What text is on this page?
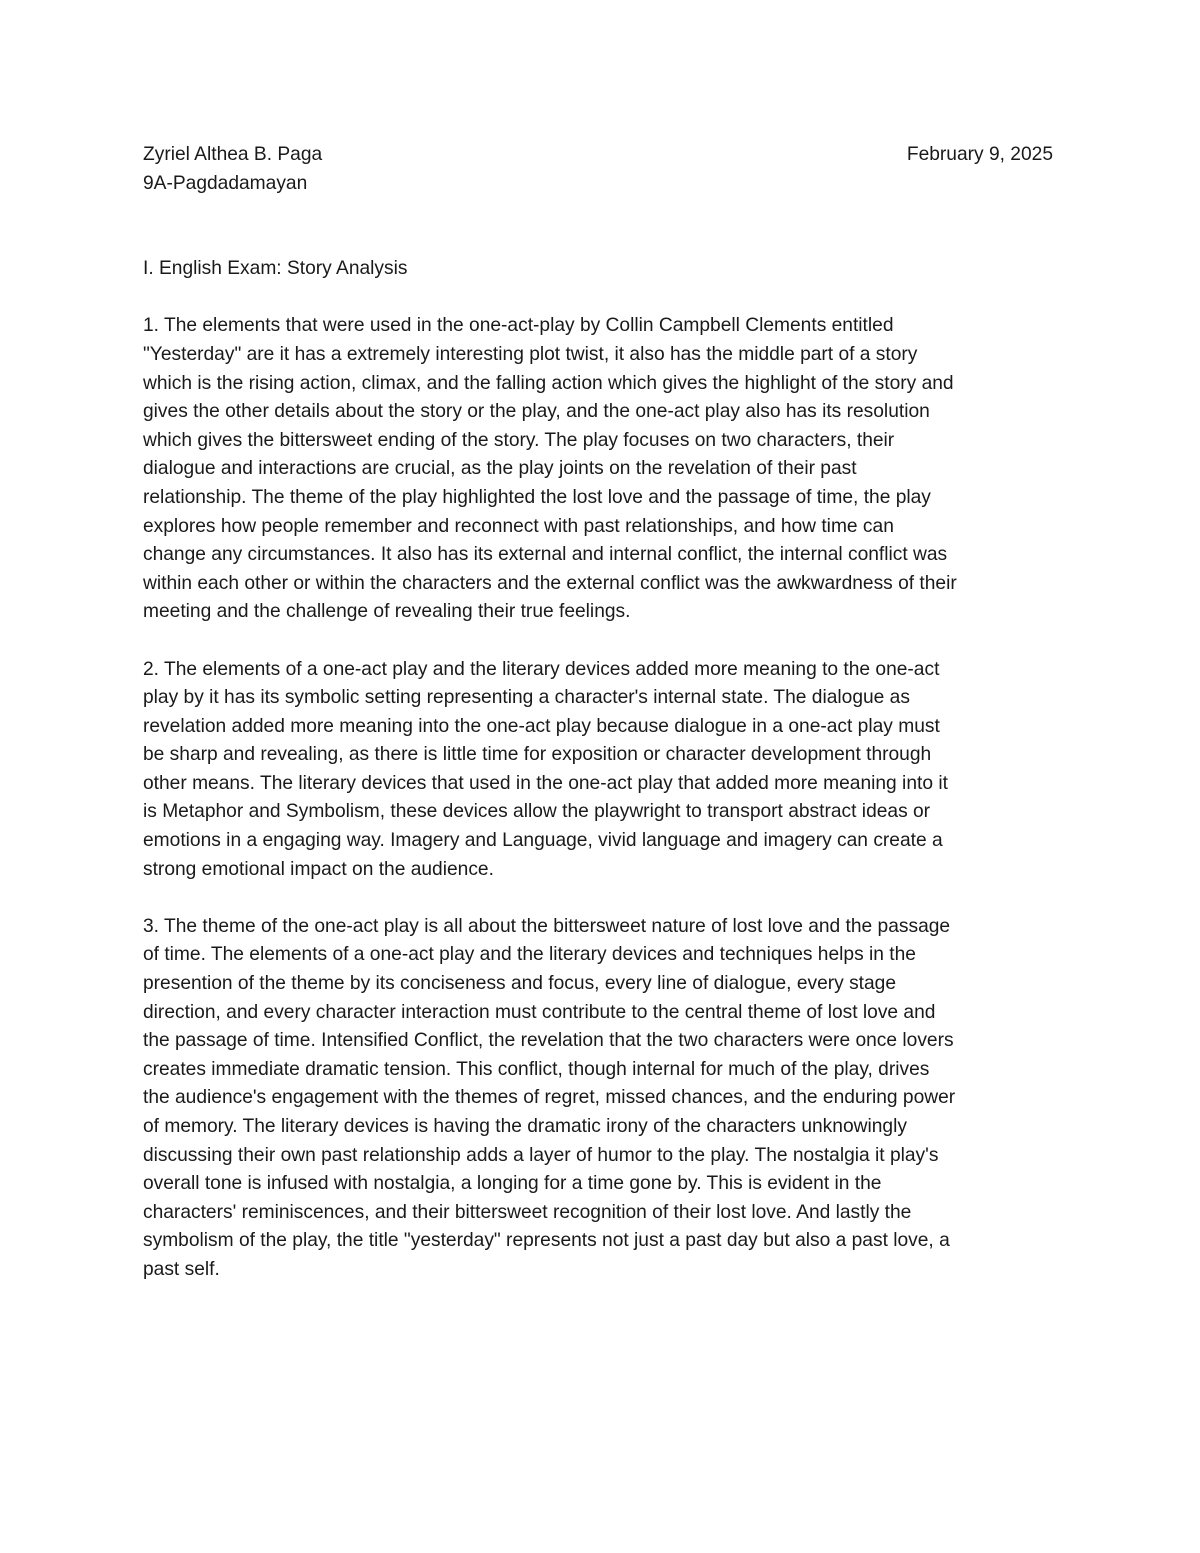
Zyriel Althea B. Paga	February 9, 2025

9A-Pagdadamayan

I. English Exam: Story Analysis

1. The elements that were used in the one-act-play by Collin Campbell Clements entitled

"Yesterday" are it has a extremely interesting plot twist, it also has the middle part of a story

which is the rising action, climax, and the falling action which gives the highlight of the story and

gives the other details about the story or the play, and the one-act play also has its resolution

which gives the bittersweet ending of the story. The play focuses on two characters, their

dialogue and interactions are crucial, as the play joints on the revelation of their past

relationship. The theme of the play highlighted the lost love and the passage of time, the play

explores how people remember and reconnect with past relationships, and how time can

change any circumstances. It also has its external and internal conflict, the internal conflict was

within each other or within the characters and the external conflict was the awkwardness of their

meeting and the challenge of revealing their true feelings.

2. The elements of a one-act play and the literary devices added more meaning to the one-act

play by it has its symbolic setting representing a character's internal state. The dialogue as

revelation added more meaning into the one-act play because dialogue in a one-act play must

be sharp and revealing, as there is little time for exposition or character development through

other means. The literary devices that used in the one-act play that added more meaning into it

is Metaphor and Symbolism, these devices allow the playwright to transport abstract ideas or

emotions in a engaging way. Imagery and Language, vivid language and imagery can create a

strong emotional impact on the audience.

3. The theme of the one-act play is all about the bittersweet nature of lost love and the passage

of time. The elements of a one-act play and the literary devices and techniques helps in the

presention of the theme by its conciseness and focus, every line of dialogue, every stage

direction, and every character interaction must contribute to the central theme of lost love and

the passage of time. Intensified Conflict, the revelation that the two characters were once lovers

creates immediate dramatic tension. This conflict, though internal for much of the play, drives

the audience's engagement with the themes of regret, missed chances, and the enduring power

of memory. The literary devices is having the dramatic irony of the characters unknowingly

discussing their own past relationship adds a layer of humor to the play. The nostalgia it play's

overall tone is infused with nostalgia, a longing for a time gone by. This is evident in the

characters' reminiscences, and their bittersweet recognition of their lost love. And lastly the

symbolism of the play, the title "yesterday" represents not just a past day but also a past love, a

past self.
